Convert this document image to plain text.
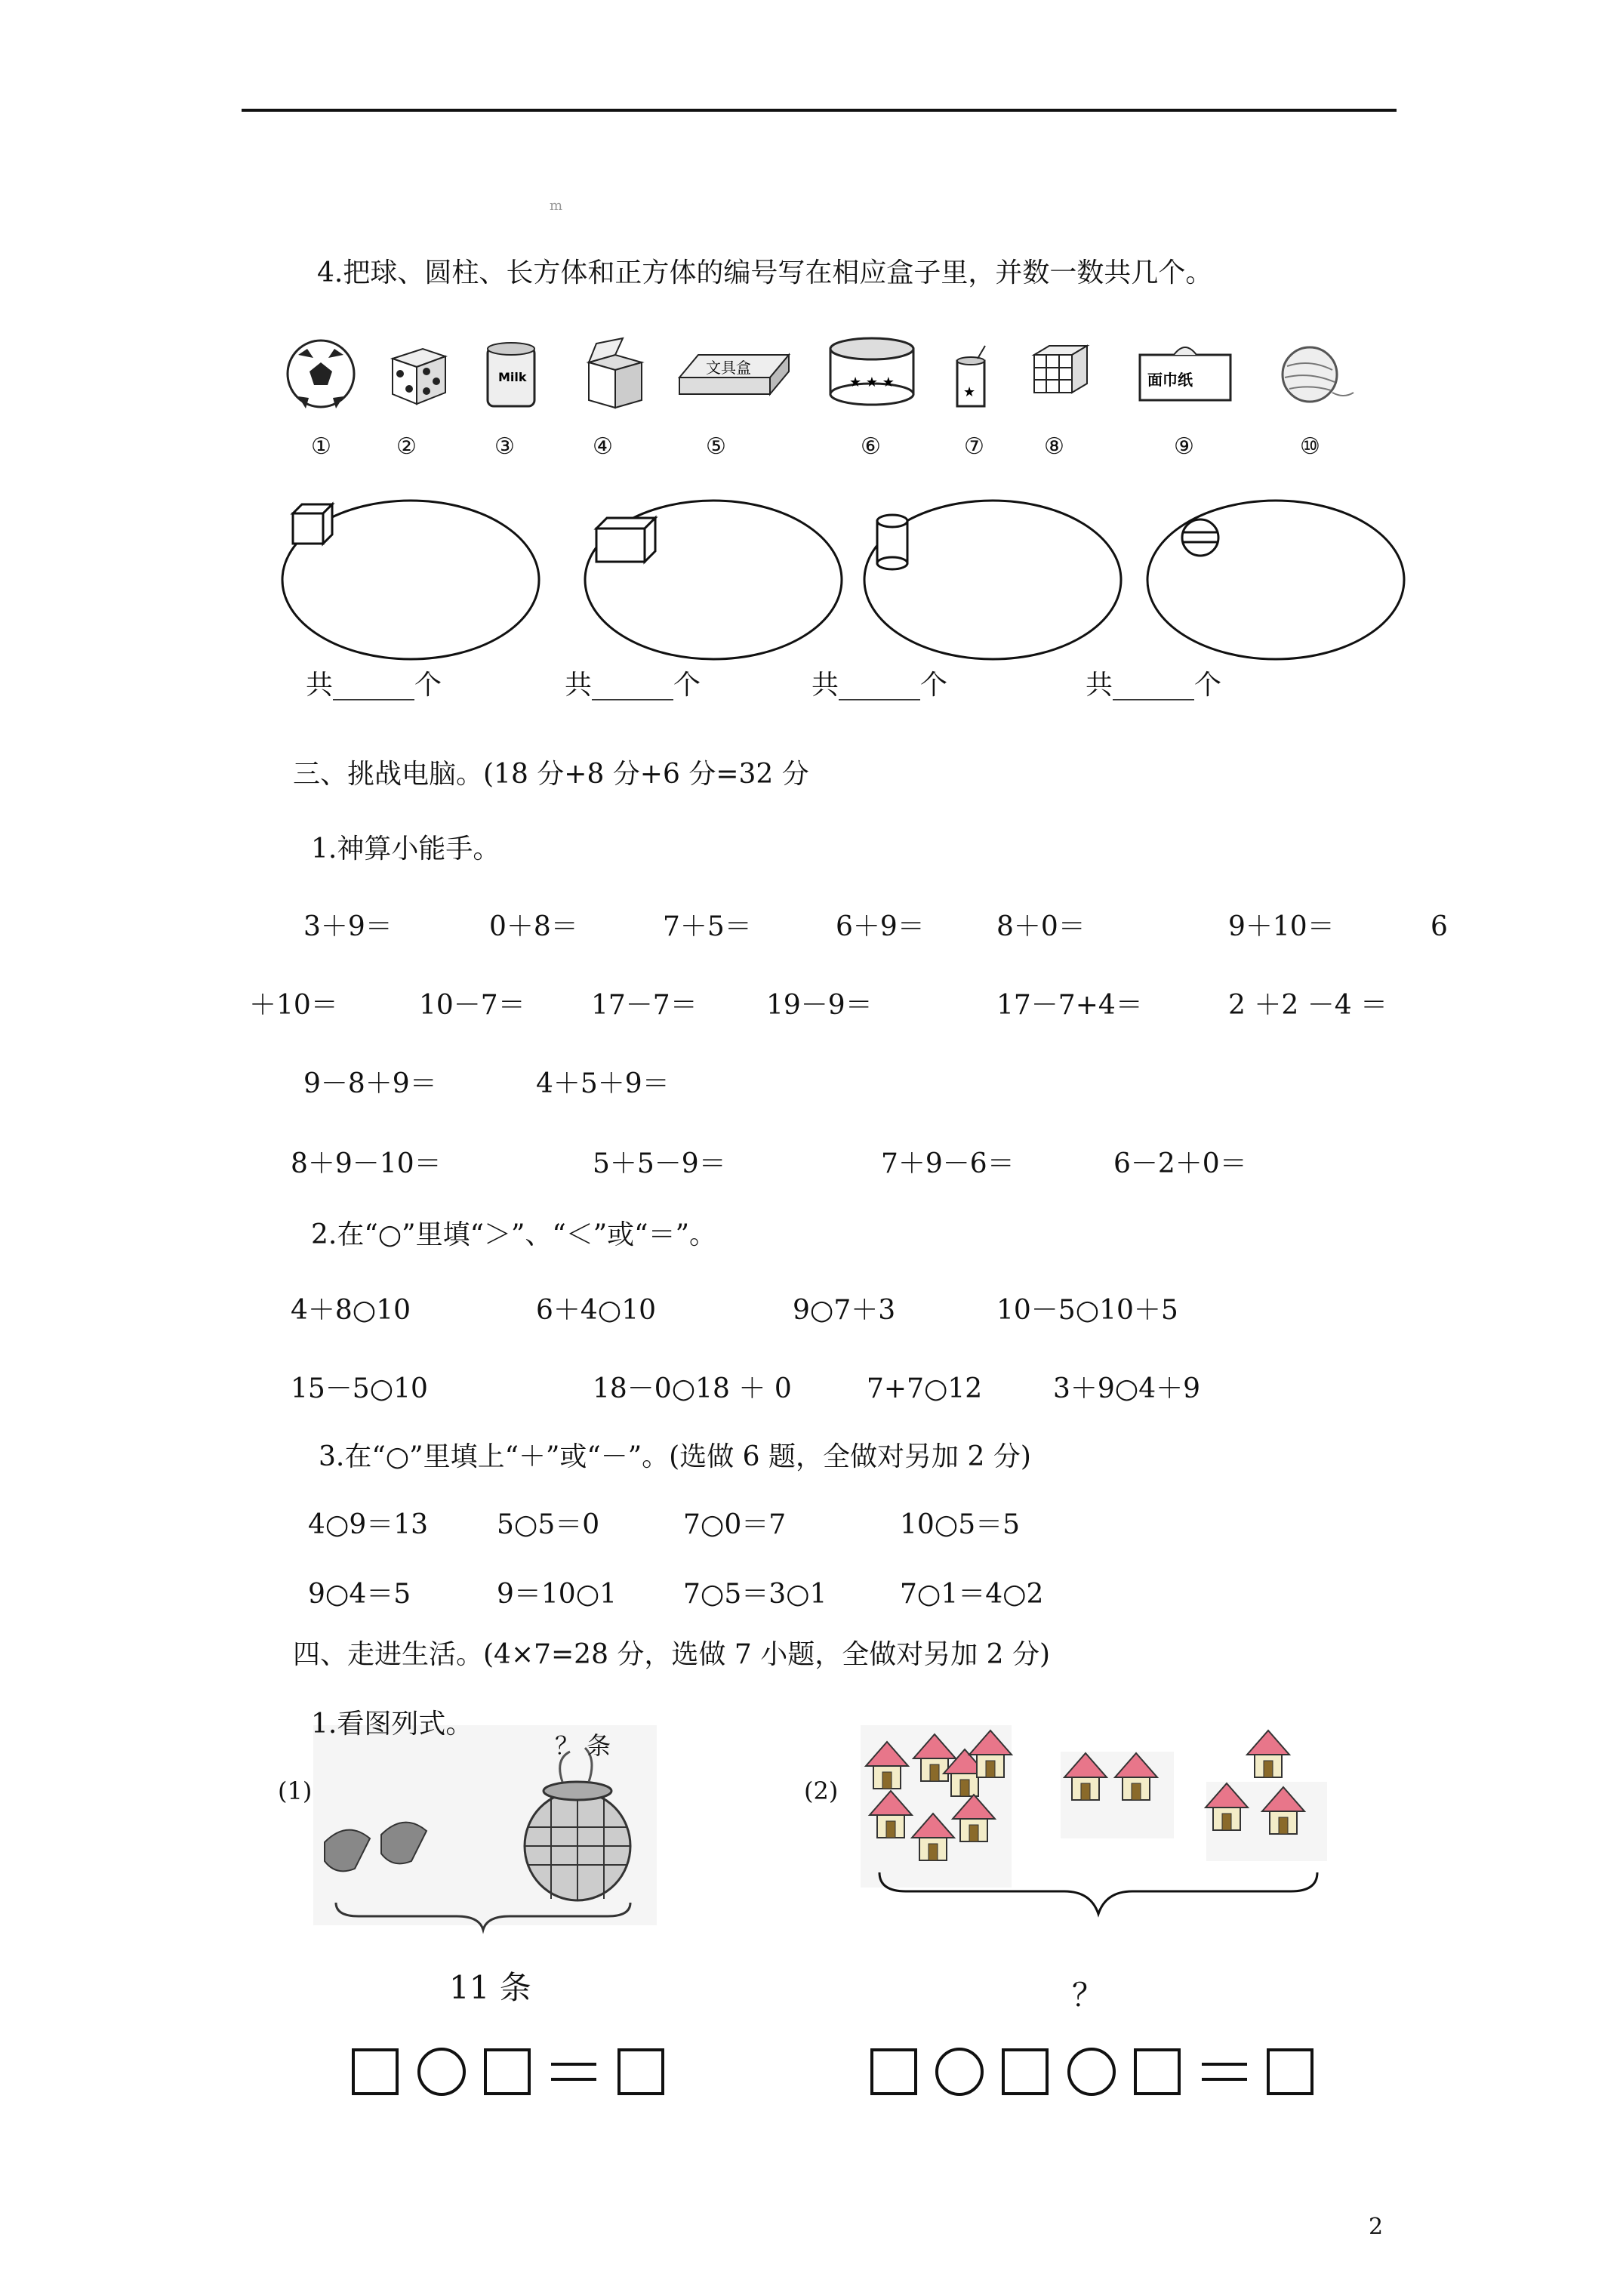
m
4.把球、圆柱、长方体和正方体的编号写在相应盒子里，并数一数共几个。
Milk
文具盒
★ ★ ★
★
面巾纸
①	②	③	④	⑤	⑥	⑦	⑧	⑨	⑩
共______个	共______个	共______个	共______个
三、挑战电脑。(18 分+8 分+6 分=32 分
1.神算小能手。
3＋9＝	0＋8＝	7＋5＝	6＋9＝	8＋0＝	9＋10＝	6
＋10＝	10－7＝ 17－7＝	19－9＝	17－7+4＝	2 ＋2 －4 ＝
9－8＋9＝	4＋5＋9＝
8＋9－10＝	5＋5－9＝	7＋9－6＝	6－2＋0＝
2.在“○”里填“＞”、“＜”或“＝”。
4＋8○10	6＋4○10	9○7＋3	10－5○10＋5
15－5○10	18－0○18 ＋ 0	7+7○12	3＋9○4＋9
3.在“○”里填上“＋”或“－”。(选做 6 题，全做对另加 2 分)
4○9＝13	5○5＝0	7○0＝7	10○5＝5
9○4＝5	9＝10○1 7○5＝3○1	7○1＝4○2
四、走进生活。(4×7=28 分，选做 7 小题，全做对另加 2 分)
1.看图列式。
(1)
？ 条
11 条
(2)
？
2
